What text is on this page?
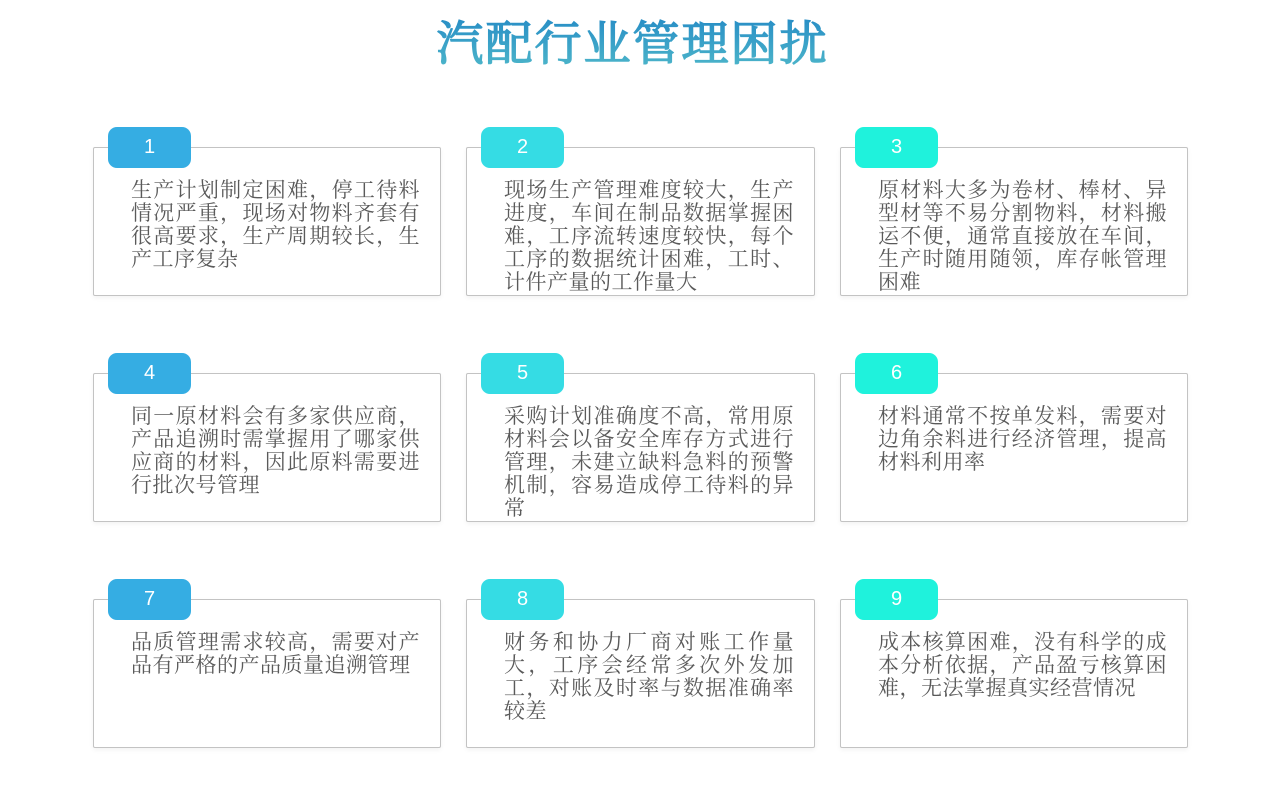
汽配行业管理困扰
1

生产计划制定困难，停工待料情况严重，现场对物料齐套有很高要求，生产周期较长，生产工序复杂

2

现场生产管理难度较大，生产进度，车间在制品数据掌握困难，工序流转速度较快，每个工序的数据统计困难，工时、计件产量的工作量大

3

原材料大多为卷材、棒材、异型材等不易分割物料，材料搬运不便，通常直接放在车间，生产时随用随领，库存帐管理困难

4

同一原材料会有多家供应商，产品追溯时需掌握用了哪家供应商的材料，因此原料需要进行批次号管理

5

采购计划准确度不高，常用原材料会以备安全库存方式进行管理，未建立缺料急料的预警机制，容易造成停工待料的异常

6

材料通常不按单发料，需要对边角余料进行经济管理，提高材料利用率

7

品质管理需求较高，需要对产品有严格的产品质量追溯管理

8

财务和协力厂商对账工作量大，工序会经常多次外发加工，对账及时率与数据准确率较差

9

成本核算困难，没有科学的成本分析依据，产品盈亏核算困难，无法掌握真实经营情况
